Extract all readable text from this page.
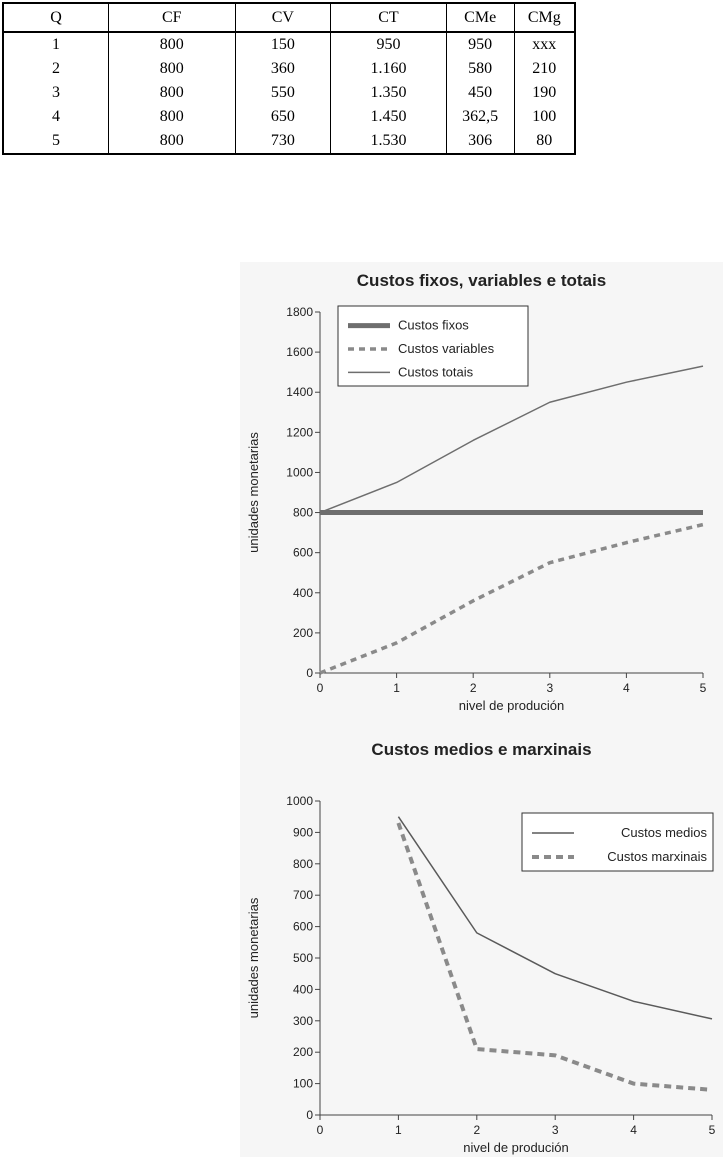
Q	CF	CV	CT	CMe	CMg
1	800	150	950	950	xxx
2	800	360	1.160	580	210
3	800	550	1.350	450	190
4	800	650	1.450	362,5	100
5	800	730	1.530	306	80
Custos fixos, variables e totais
0
200
400
600
800
1000
1200
1400
1600
1800
0	1	2	3	4	5
nivel de produción
unidades monetarias
Custos fixos
Custos variables
Custos totais
Custos medios e marxinais
0
100
200
300
400
500
600
700
800
900
1000
0	1	2	3	4	5
nivel de produción
unidades monetarias
Custos medios
Custos marxinais
